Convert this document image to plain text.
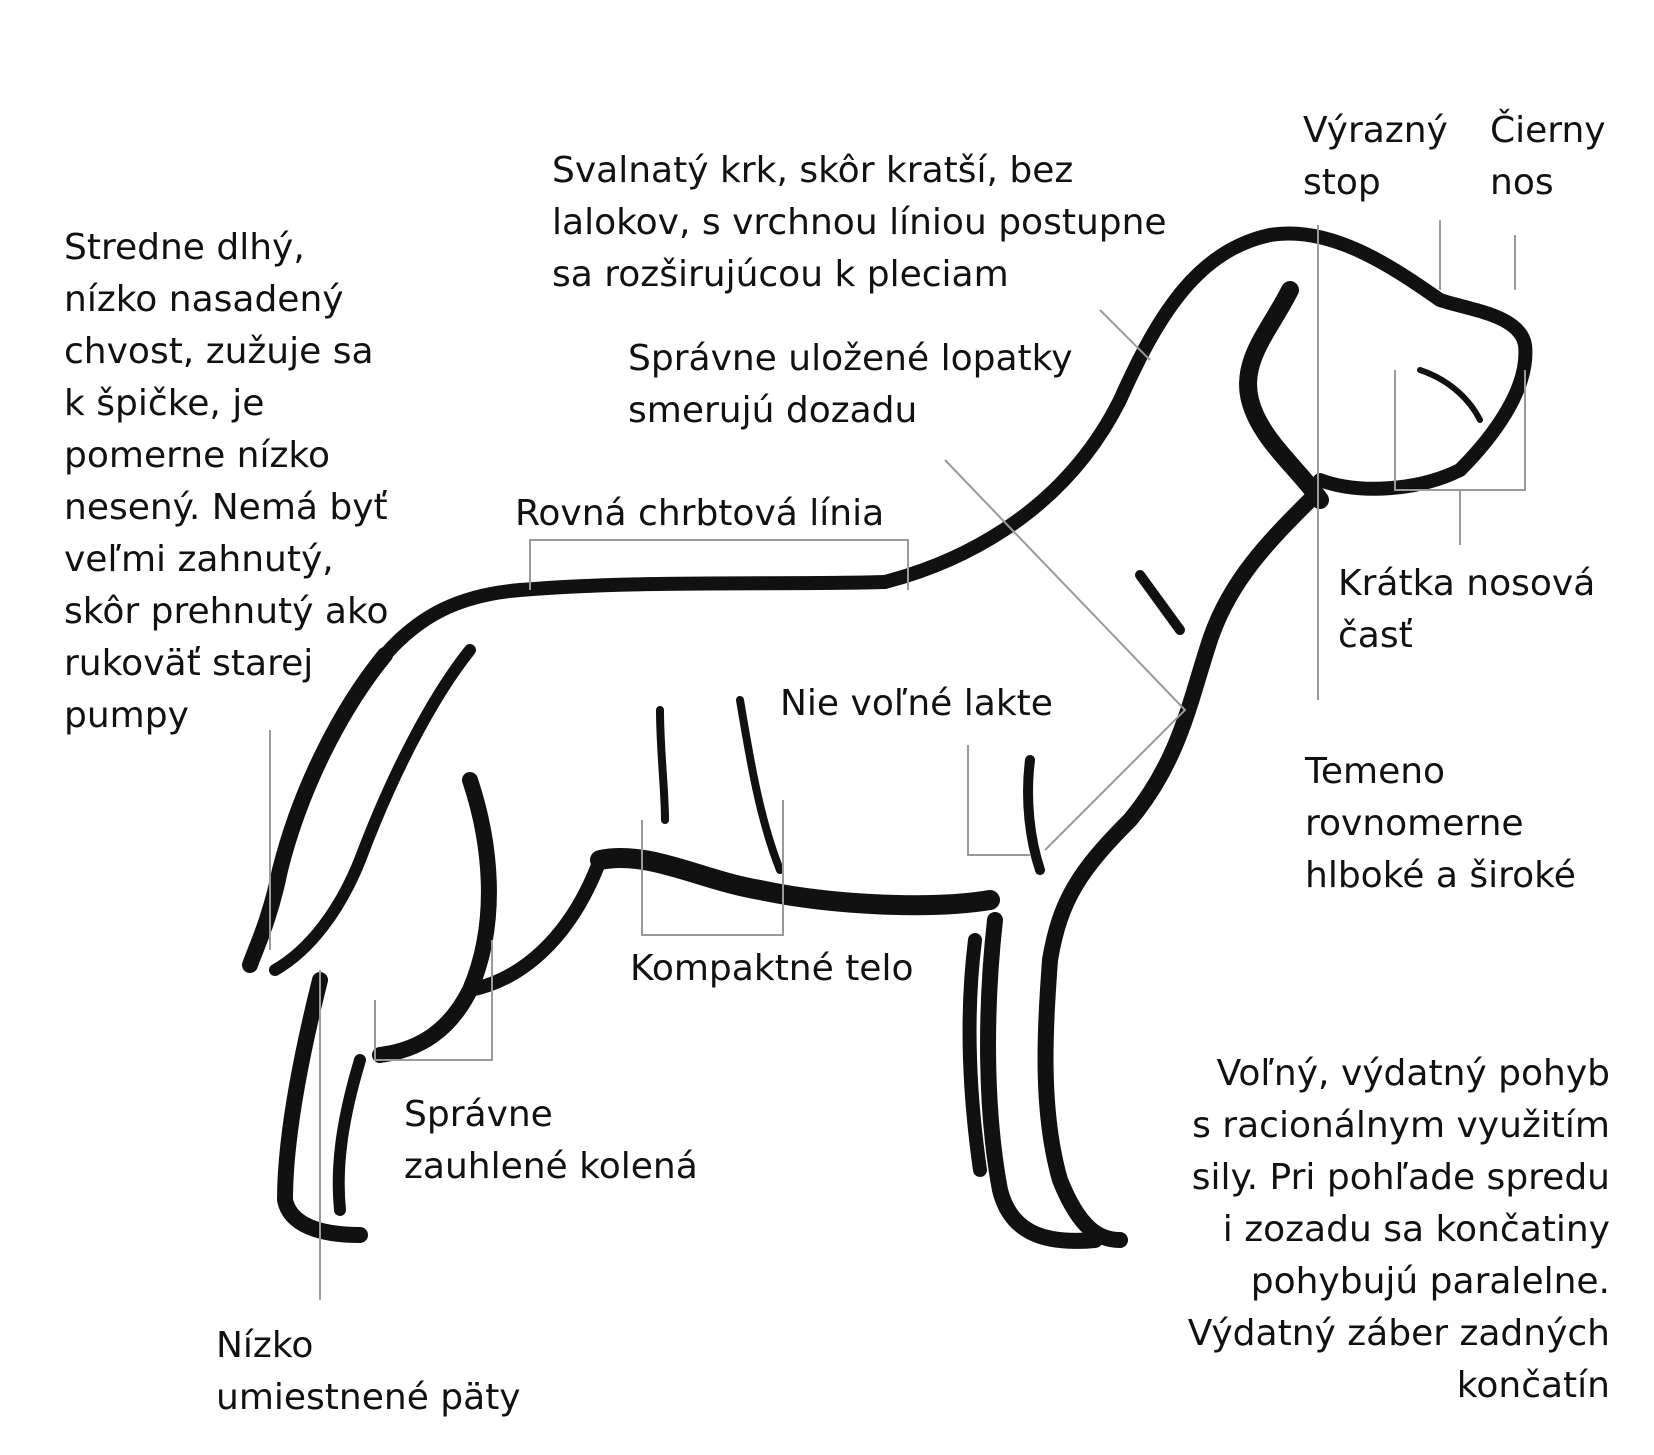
Stredne dlhý,
nízko nasadený
chvost, zužuje sa
k špičke, je
pomerne nízko
nesený. Nemá byť
veľmi zahnutý,
skôr prehnutý ako
rukoväť starej
pumpy
Svalnatý krk, skôr kratší, bez
lalokov, s vrchnou líniou postupne
sa rozširujúcou k pleciam
Výrazný
stop
Čierny
nos
Správne uložené lopatky
smerujú dozadu
Rovná chrbtová línia
Krátka nosová
časť
Nie voľné lakte
Temeno
rovnomerne
hlboké a široké
Kompaktné telo
Správne
zauhlené kolená
Voľný, výdatný pohyb
s racionálnym využitím
sily. Pri pohľade spredu
i zozadu sa končatiny
pohybujú paralelne.
Výdatný záber zadných
končatín
Nízko
umiestnené päty
